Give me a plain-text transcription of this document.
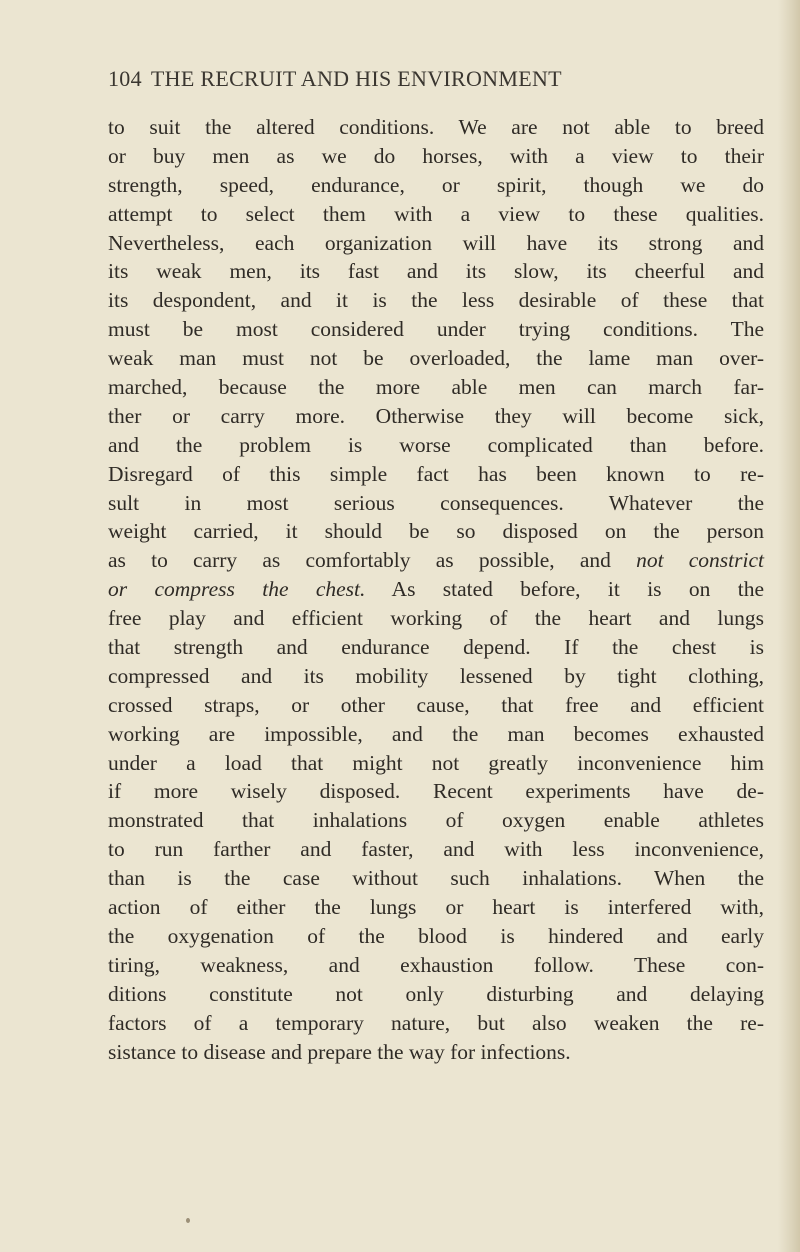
104 THE RECRUIT AND HIS ENVIRONMENT

to suit the altered conditions. We are not able to breed
or buy men as we do horses, with a view to their
strength, speed, endurance, or spirit, though we do
attempt to select them with a view to these qualities.
Nevertheless, each organization will have its strong and
its weak men, its fast and its slow, its cheerful and
its despondent, and it is the less desirable of these that
must be most considered under trying conditions. The
weak man must not be overloaded, the lame man over-
marched, because the more able men can march far-
ther or carry more. Otherwise they will become sick,
and the problem is worse complicated than before.
Disregard of this simple fact has been known to re-
sult in most serious consequences. Whatever the
weight carried, it should be so disposed on the person
as to carry as comfortably as possible, and not constrict
or compress the chest. As stated before, it is on the
free play and efficient working of the heart and lungs
that strength and endurance depend. If the chest is
compressed and its mobility lessened by tight clothing,
crossed straps, or other cause, that free and efficient
working are impossible, and the man becomes exhausted
under a load that might not greatly inconvenience him
if more wisely disposed. Recent experiments have de-
monstrated that inhalations of oxygen enable athletes
to run farther and faster, and with less inconvenience,
than is the case without such inhalations. When the
action of either the lungs or heart is interfered with,
the oxygenation of the blood is hindered and early
tiring, weakness, and exhaustion follow. These con-
ditions constitute not only disturbing and delaying
factors of a temporary nature, but also weaken the re-
sistance to disease and prepare the way for infections.
